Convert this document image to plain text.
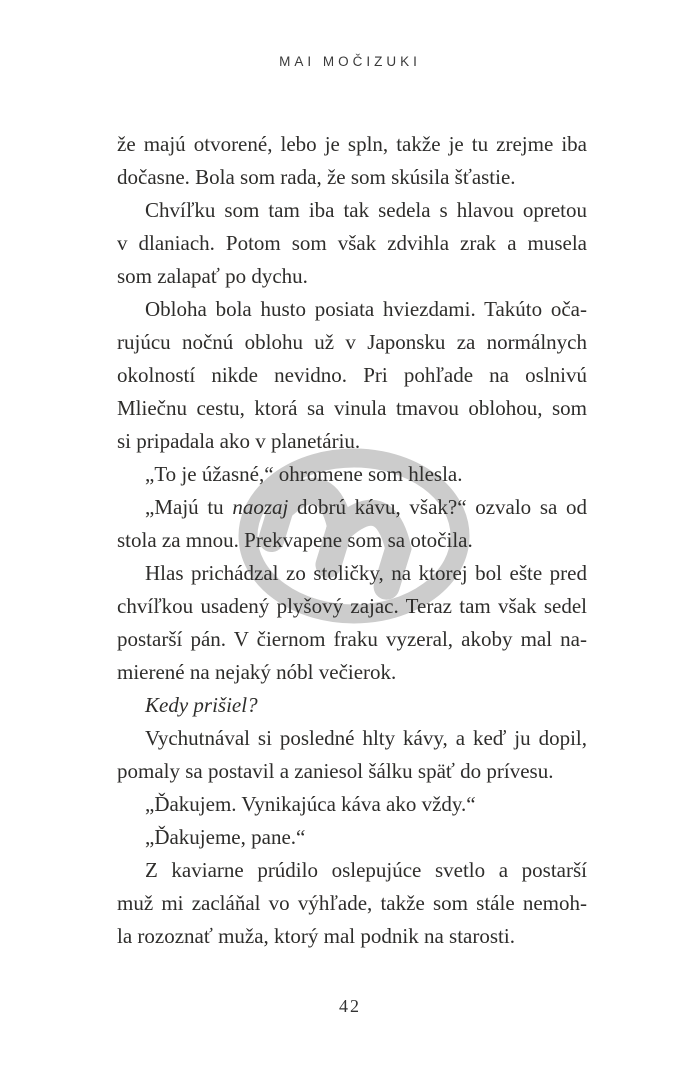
MAI MOČIZUKI
že majú otvorené, lebo je spln, takže je tu zrejme iba
dočasne. Bola som rada, že som skúsila šťastie.
Chvíľku som tam iba tak sedela s hlavou opretou
v dlaniach. Potom som však zdvihla zrak a musela
som zalapať po dychu.
Obloha bola husto posiata hviezdami. Takúto oča-
rujúcu nočnú oblohu už v Japonsku za normálnych
okolností nikde nevidno. Pri pohľade na oslnivú
Mliečnu cestu, ktorá sa vinula tmavou oblohou, som
si pripadala ako v planetáriu.
„To je úžasné,“ ohromene som hlesla.
„Majú tu naozaj dobrú kávu, však?“ ozvalo sa od
stola za mnou. Prekvapene som sa otočila.
Hlas prichádzal zo stoličky, na ktorej bol ešte pred
chvíľkou usadený plyšový zajac. Teraz tam však sedel
postarší pán. V čiernom fraku vyzeral, akoby mal na-
mierené na nejaký nóbl večierok.
Kedy prišiel?
Vychutnával si posledné hlty kávy, a keď ju dopil,
pomaly sa postavil a zaniesol šálku späť do prívesu.
„Ďakujem. Vynikajúca káva ako vždy.“
„Ďakujeme, pane.“
Z kaviarne prúdilo oslepujúce svetlo a postarší
muž mi zacláňal vo výhľade, takže som stále nemoh-
la rozoznať muža, ktorý mal podnik na starosti.
42
